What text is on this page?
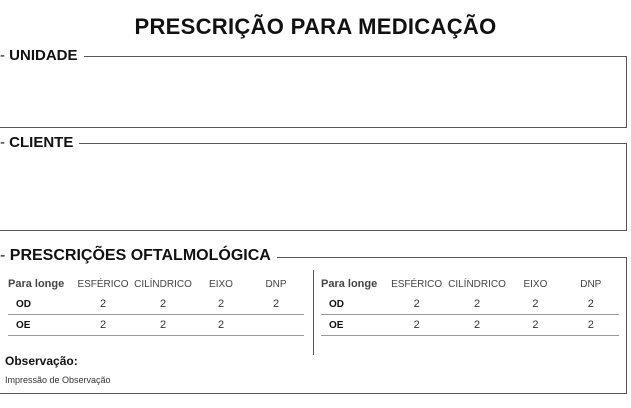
PRESCRIÇÃO PARA MEDICAÇÃO
- UNIDADE
- CLIENTE
- PRESCRIÇÕES OFTALMOLÓGICA
Para longe	ESFÉRICO	CILÍNDRICO	EIXO	DNP
OD	2	2	2	2
OE	2	2	2	
Para longe	ESFÉRICO	CILÍNDRICO	EIXO	DNP
OD	2	2	2	2
OE	2	2	2	2
Observação:
Impressão de Observação
